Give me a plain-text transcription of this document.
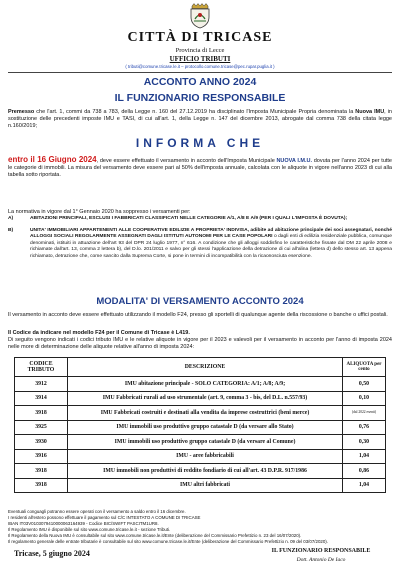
CITTÀ DI TRICASE
Provincia di Lecce
UFFICIO TRIBUTI
( tributi@comune.tricase.le.it – protocollo.comune.tricase@pec.rupar.puglia.it )
ACCONTO ANNO 2024
IL FUNZIONARIO RESPONSABILE
Premesso che l'art. 1, commi da 738 a 783, della Legge n. 160 del 27.12.2019 ha disciplinato l'Imposta Municipale Propria denominata la Nuova IMU, in sostituzione delle precedenti imposte IMU e TASI, di cui all'art. 1, della Legge n. 147 del dicembre 2013, abrogate dal comma 738 della citata legge n.160/2019;
INFORMA CHE
entro il 16 Giugno 2024, deve essere effettuato il versamento in acconto dell'Imposta Municipale NUOVA I.M.U. dovuta per l'anno 2024 per tutte le categorie di immobili. La misura del versamento deve essere pari al 50% dell'imposta annuale, calcolata con le aliquote in vigore nell'anno 2023 di cui alla tabella sotto riportata.
La normativa in vigore dal 1° Gennaio 2020 ha soppresso i versamenti per:
A)	ABITAZIONI PRINCIPALI, ESCLUSI I FABBRICATI CLASSIFICATI NELLE CATEGORIE A/1, A/8 E A/9 (PER I QUALI L'IMPOSTA È DOVUTA);
B)	UNITA' IMMOBILIARI APPARTENENTI ALLE COOPERATIVE EDILIZIE A PROPRIETA' INDIVISA, adibite ad abitazione principale dei soci assegnatari, nonché ALLOGGI SOCIALI REGOLARMENTE ASSEGNATI DAGLI ISTITUTI AUTONOMI PER LE CASE POPOLARI o dagli enti di edilizia residenziale pubblica, comunque denominati, istituiti in attuazione dell'art 93 del DPR 24 luglio 1977, n° 616. A condizione che gli alloggi soddisfino le caratteristiche fissate dal DM 22 aprile 2008 e richiamate dall'art. 13, comma 2 lettera b), del D.lo. 201/2011 e salvo per gli stessi l'applicazione della detrazione di cui all'alina (lettera d) dello stesso art. 13 appena richiamato, detrazione che, come sancito dalla Suprema Corte, si pone in termini di incompatibilità con la ricaonosciuta esenzione.
MODALITA' DI VERSAMENTO ACCONTO 2024
Il versamento in acconto deve essere effettuato utilizzando il modello F24, presso gli sportelli di qualunque agente della riscossione o banche o uffici postali.
Il Codice da indicare nel modello F24 per il Comune di Tricase è L419.
Di seguito vengono indicati i codici tributo IMU e le relative aliquote in vigore per il 2023 e valevoli per il versamento in acconto per l'anno di imposta 2024 nelle more di determinazione delle aliquote relative all'anno di imposta 2024:
CODICE TRIBUTO	DESCRIZIONE	ALIQUOTA per cento
3912	IMU abitazione principale - SOLO CATEGORIA: A/1; A/8; A/9;	0,50
3914	IMU Fabbricati rurali ad uso strumentale (art. 9, comma 3 - bis, del D.L. n.557/93)	0,10
3918	IMU Fabbricati costruiti e destinati alla vendita da imprese costruttrici (beni merce)	(dal 2022 esenti)

3925	IMU immobili uso produttivo gruppo catastale D (da versare allo Stato)	0,76
3930	IMU immobili uso produttivo gruppo catastale D (da versare al Comune)	0,30
3916	IMU - aree fabbricabili	1,04
3918	IMU immobili non produttivi di reddito fondiario di cui all'art. 43 D.P.R. 917/1986	0,86
3918	IMU altri fabbricati	1,04
Eventuali conguagli potranno essere operati con il versamento a saldo entro il 16 dicembre.
I residenti all'estero possono effettuare il pagamento sul C/C INTESTATO A COMUNE DI TRICASE
IBAN IT03V0103079410000063164939 - Codice BIC/SWIFT PASCITM1UR8.
Il Regolamento IMU è disponibile sul sito www.comune.tricase.le.it - sezione Tributi.
Il Regolamento della Nuova IMU è consultabile sul sito www.comune.tricase.le.it/Ente (deliberazione del Commissario Prefettizio n. 23 del 16/07/2020).
Il regolamento generale delle entrate tributarie è consultabile sul sito www.comune.tricase.le.it/Ente (deliberazione del Commissario Prefettizio n. 09 del 03/07/2020).
Tricase, 5 giugno 2024	IL FUNZIONARIO RESPONSABILE
Dott. Antonio De Iaco
